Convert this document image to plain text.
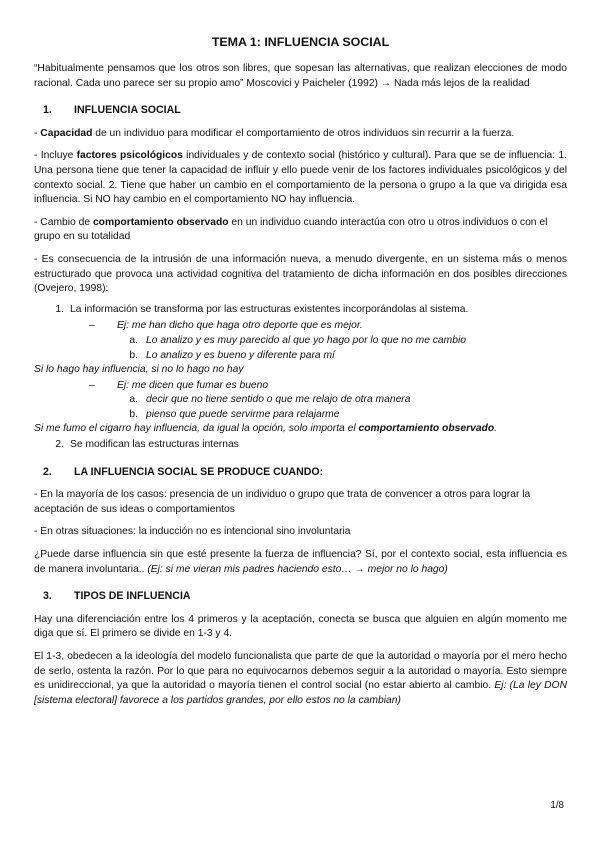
TEMA 1: INFLUENCIA SOCIAL

“Habitualmente pensamos que los otros son libres, que sopesan las alternativas, que realizan elecciones de modo racional. Cada uno parece ser su propio amo” Moscovici y Paicheler (1992) → Nada más lejos de la realidad

1.	INFLUENCIA SOCIAL

- Capacidad de un individuo para modificar el comportamiento de otros individuos sin recurrir a la fuerza.

- Incluye factores psicológicos individuales y de contexto social (histórico y cultural). Para que se de influencia: 1. Una persona tiene que tener la capacidad de influir y ello puede venir de los factores individuales psicológicos y del contexto social. 2. Tiene que haber un cambio en el comportamiento de la persona o grupo a la que va dirigida esa influencia. Si NO hay cambio en el comportamiento NO hay influencia.

- Cambio de comportamiento observado en un individuo cuando interactúa con otro u otros individuos o con el grupo en su totalidad

- Es consecuencia de la intrusión de una información nueva, a menudo divergente, en un sistema más o menos estructurado que provoca una actividad cognitiva del tratamiento de dicha información en dos posibles direcciones (Ovejero, 1998):

1. La información se transforma por las estructuras existentes incorporándolas al sistema.
–	Ej: me han dicho que haga otro deporte que es mejor.
a. Lo analizo y es muy parecido al que yo hago por lo que no me cambio
b. Lo analizo y es bueno y diferente para mí

Si lo hago hay influencia, si no lo hago no hay

–	Ej: me dicen que fumar es bueno
a. decir que no tiene sentido o que me relajo de otra manera
b. pienso que puede servirme para relajarme

Si me fumo el cigarro hay influencia, da igual la opción, solo importa el comportamiento observado.

2. Se modifican las estructuras internas
2.	LA INFLUENCIA SOCIAL SE PRODUCE CUANDO:

- En la mayoría de los casos: presencia de un individuo o grupo que trata de convencer a otros para lograr la aceptación de sus ideas o comportamientos

- En otras situaciones: la inducción no es intencional sino involuntaria

¿Puede darse influencia sin que esté presente la fuerza de influencia? Sí, por el contexto social, esta influencia es de manera involuntaria.. (Ej: si me vieran mis padres haciendo esto… → mejor no lo hago)

3.	TIPOS DE INFLUENCIA

Hay una diferenciación entre los 4 primeros y la aceptación, conecta se busca que alguien en algún momento me diga que sí. El primero se divide en 1-3 y 4.

El 1-3, obedecen a la ideología del modelo funcionalista que parte de que la autoridad o mayoría por el mero hecho de serlo, ostenta la razón. Por lo que para no equivocarnos debemos seguir a la autoridad o mayoría. Esto siempre es unidireccional, ya que la autoridad o mayoría tienen el control social (no estar abierto al cambio. Ej: (La ley DON [sistema electoral] favorece a los partidos grandes, por ello estos no la cambian)

1/8
